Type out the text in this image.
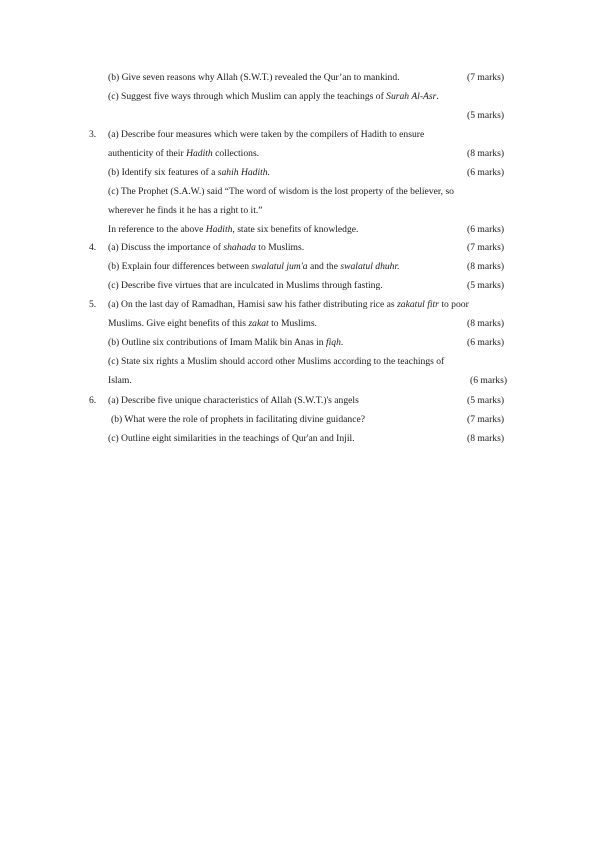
(b) Give seven reasons why Allah (S.W.T.) revealed the Qur’an to mankind.	(7 marks)
(c) Suggest five ways through which Muslim can apply the teachings of Surah Al-Asr.
(5 marks)
3. (a) Describe four measures which were taken by the compilers of Hadith to ensure
authenticity of their Hadith collections.	(8 marks)
(b) Identify six features of a sahih Hadith.	(6 marks)
(c) The Prophet (S.A.W.) said “The word of wisdom is the lost property of the believer, so
wherever he finds it he has a right to it.”
In reference to the above Hadith, state six benefits of knowledge.	(6 marks)
4. (a) Discuss the importance of shahada to Muslims.	(7 marks)
(b) Explain four differences between swalatul jum'a and the swalatul dhuhr.	(8 marks)
(c) Describe five virtues that are inculcated in Muslims through fasting.	(5 marks)
5. (a) On the last day of Ramadhan, Hamisi saw his father distributing rice as zakatul fitr to poor
Muslims. Give eight benefits of this zakat to Muslims.	(8 marks)
(b) Outline six contributions of Imam Malik bin Anas in fiqh.	(6 marks)
(c) State six rights a Muslim should accord other Muslims according to the teachings of
Islam.	(6 marks)
6. (a) Describe five unique characteristics of Allah (S.W.T.)'s angels	(5 marks)
(b) What were the role of prophets in facilitating divine guidance?	(7 marks)
(c) Outline eight similarities in the teachings of Qur'an and Injil.	(8 marks)
